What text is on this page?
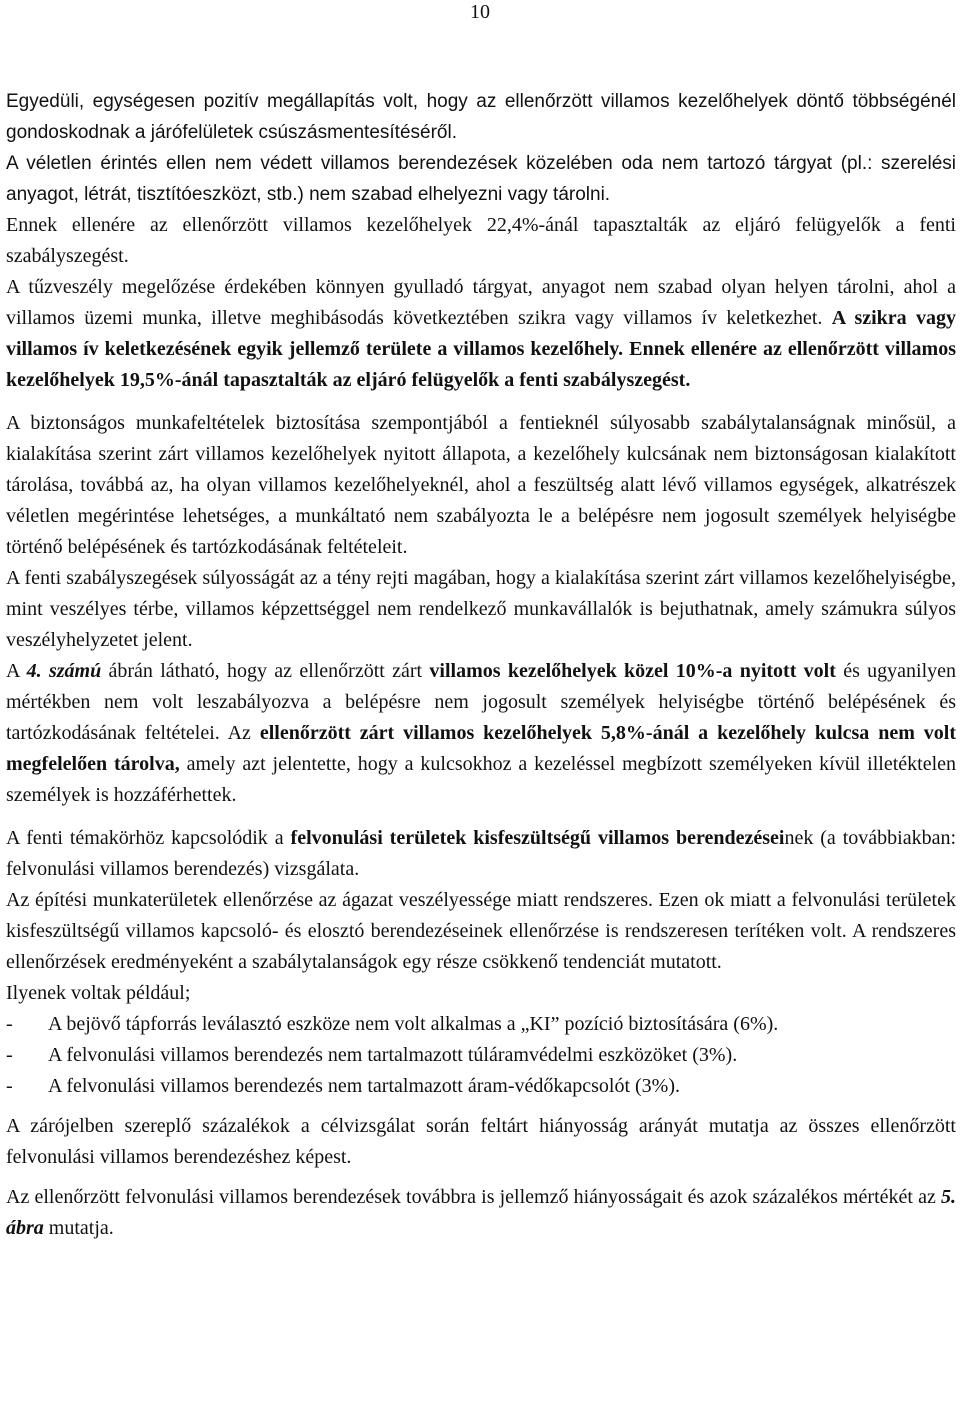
10

Egyedüli, egységesen pozitív megállapítás volt, hogy az ellenőrzött villamos kezelőhelyek döntő többségénél gondoskodnak a járófelületek csúszásmentesítéséről.

A véletlen érintés ellen nem védett villamos berendezések közelében oda nem tartozó tárgyat (pl.: szerelési anyagot, létrát, tisztítóeszközt, stb.) nem szabad elhelyezni vagy tárolni.

Ennek ellenére az ellenőrzött villamos kezelőhelyek 22,4%-ánál tapasztalták az eljáró felügyelők a fenti szabályszegést.

A tűzveszély megelőzése érdekében könnyen gyulladó tárgyat, anyagot nem szabad olyan helyen tárolni, ahol a villamos üzemi munka, illetve meghibásodás következtében szikra vagy villamos ív keletkezhet. A szikra vagy villamos ív keletkezésének egyik jellemző területe a villamos kezelőhely. Ennek ellenére az ellenőrzött villamos kezelőhelyek 19,5%-ánál tapasztalták az eljáró felügyelők a fenti szabályszegést.

A biztonságos munkafeltételek biztosítása szempontjából a fentieknél súlyosabb szabálytalanságnak minősül, a kialakítása szerint zárt villamos kezelőhelyek nyitott állapota, a kezelőhely kulcsának nem biztonságosan kialakított tárolása, továbbá az, ha olyan villamos kezelőhelyeknél, ahol a feszültség alatt lévő villamos egységek, alkatrészek véletlen megérintése lehetséges, a munkáltató nem szabályozta le a belépésre nem jogosult személyek helyiségbe történő belépésének és tartózkodásának feltételeit.

A fenti szabályszegések súlyosságát az a tény rejti magában, hogy a kialakítása szerint zárt villamos kezelőhelyiségbe, mint veszélyes térbe, villamos képzettséggel nem rendelkező munkavállalók is bejuthatnak, amely számukra súlyos veszélyhelyzetet jelent.

A 4. számú ábrán látható, hogy az ellenőrzött zárt villamos kezelőhelyek közel 10%-a nyitott volt és ugyanilyen mértékben nem volt leszabályozva a belépésre nem jogosult személyek helyiségbe történő belépésének és tartózkodásának feltételei. Az ellenőrzött zárt villamos kezelőhelyek 5,8%-ánál a kezelőhely kulcsa nem volt megfelelően tárolva, amely azt jelentette, hogy a kulcsokhoz a kezeléssel megbízott személyeken kívül illetéktelen személyek is hozzáférhettek.

A fenti témakörhöz kapcsolódik a felvonulási területek kisfeszültségű villamos berendezéseinek (a továbbiakban: felvonulási villamos berendezés) vizsgálata.

Az építési munkaterületek ellenőrzése az ágazat veszélyessége miatt rendszeres. Ezen ok miatt a felvonulási területek kisfeszültségű villamos kapcsoló- és elosztó berendezéseinek ellenőrzése is rendszeresen terítéken volt. A rendszeres ellenőrzések eredményeként a szabálytalanságok egy része csökkenő tendenciát mutatott.

Ilyenek voltak például;

- A bejövő tápforrás leválasztó eszköze nem volt alkalmas a „KI” pozíció biztosítására (6%).
- A felvonulási villamos berendezés nem tartalmazott túláramvédelmi eszközöket (3%).
- A felvonulási villamos berendezés nem tartalmazott áram-védőkapcsolót (3%).

A zárójelben szereplő százalékok a célvizsgálat során feltárt hiányosság arányát mutatja az összes ellenőrzött felvonulási villamos berendezéshez képest.

Az ellenőrzött felvonulási villamos berendezések továbbra is jellemző hiányosságait és azok százalékos mértékét az 5. ábra mutatja.
